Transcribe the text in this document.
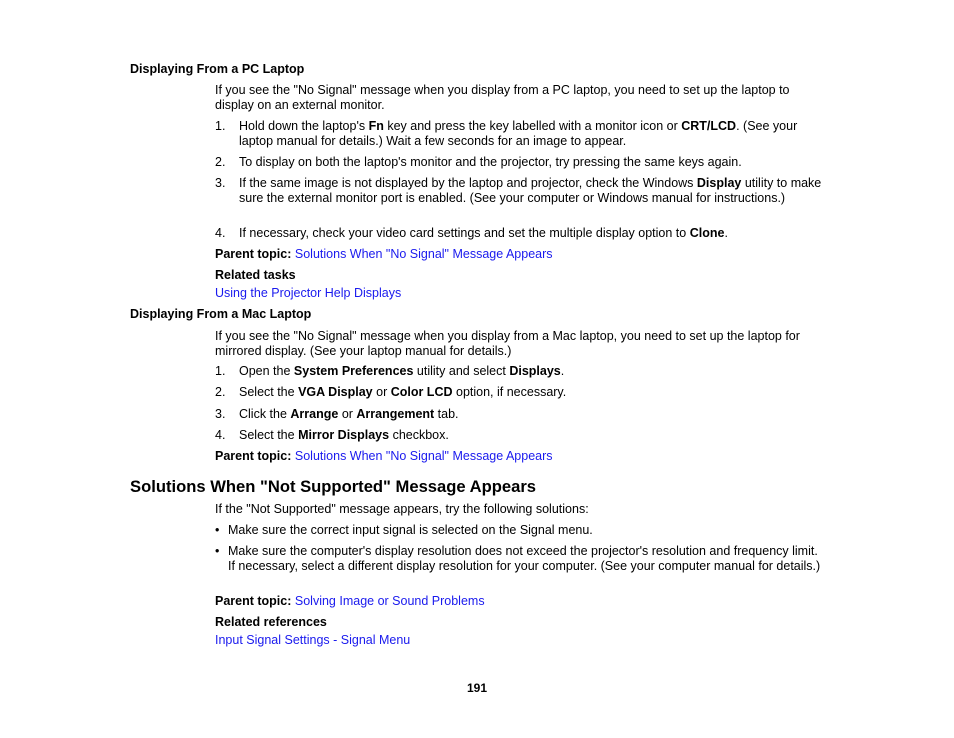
Displaying From a PC Laptop
If you see the "No Signal" message when you display from a PC laptop, you need to set up the laptop to display on an external monitor.
1.	Hold down the laptop's Fn key and press the key labelled with a monitor icon or CRT/LCD. (See your laptop manual for details.) Wait a few seconds for an image to appear.
2.	To display on both the laptop's monitor and the projector, try pressing the same keys again.
3.	If the same image is not displayed by the laptop and projector, check the Windows Display utility to make sure the external monitor port is enabled. (See your computer or Windows manual for instructions.)
4.	If necessary, check your video card settings and set the multiple display option to Clone.
Parent topic: Solutions When "No Signal" Message Appears
Related tasks
Using the Projector Help Displays
Displaying From a Mac Laptop
If you see the "No Signal" message when you display from a Mac laptop, you need to set up the laptop for mirrored display. (See your laptop manual for details.)
1.	Open the System Preferences utility and select Displays.
2.	Select the VGA Display or Color LCD option, if necessary.
3.	Click the Arrange or Arrangement tab.
4.	Select the Mirror Displays checkbox.
Parent topic: Solutions When "No Signal" Message Appears
Solutions When "Not Supported" Message Appears
If the "Not Supported" message appears, try the following solutions:
• Make sure the correct input signal is selected on the Signal menu.
• Make sure the computer's display resolution does not exceed the projector's resolution and frequency limit. If necessary, select a different display resolution for your computer. (See your computer manual for details.)
Parent topic: Solving Image or Sound Problems
Related references
Input Signal Settings - Signal Menu
191
